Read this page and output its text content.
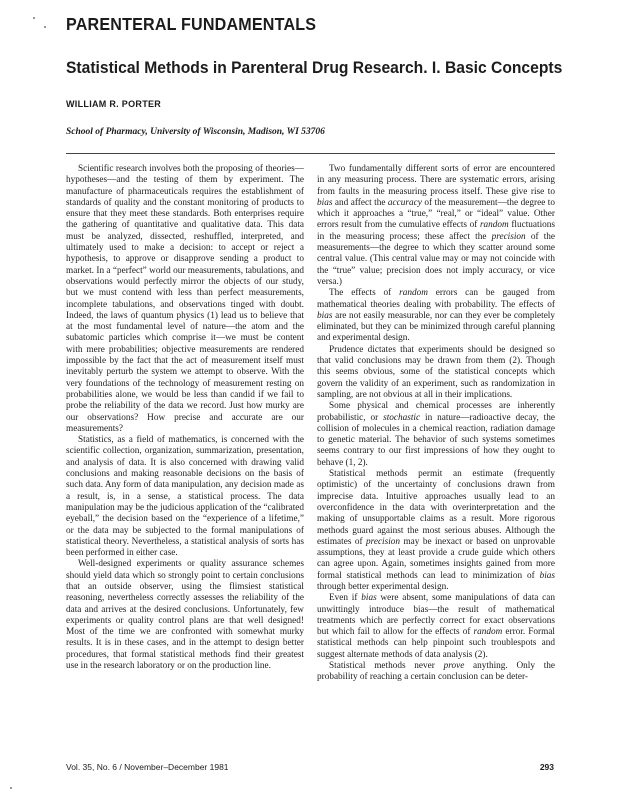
PARENTERAL FUNDAMENTALS
Statistical Methods in Parenteral Drug Research. I. Basic Concepts
WILLIAM R. PORTER
School of Pharmacy, University of Wisconsin, Madison, WI 53706

Scientific research involves both the proposing of theories—hypotheses—and the testing of them by experiment. The manufacture of pharmaceuticals requires the establishment of standards of quality and the constant monitoring of products to ensure that they meet these standards. Both enterprises require the gathering of quantitative and qualitative data. This data must be analyzed, dissected, reshuffled, interpreted, and ultimately used to make a decision: to accept or reject a hypothesis, to approve or disapprove sending a product to market. In a “perfect” world our measurements, tabulations, and observations would perfectly mirror the objects of our study, but we must contend with less than perfect measurements, incomplete tabulations, and observations tinged with doubt. Indeed, the laws of quantum physics (1) lead us to believe that at the most fundamental level of nature—the atom and the subatomic particles which comprise it—we must be content with mere probabilities; objective measurements are rendered impossible by the fact that the act of measurement itself must inevitably perturb the system we attempt to observe. With the very foundations of the technology of measurement resting on probabilities alone, we would be less than candid if we fail to probe the reliability of the data we record. Just how murky are our observations? How precise and accurate are our measurements?

Statistics, as a field of mathematics, is concerned with the scientific collection, organization, summarization, presentation, and analysis of data. It is also concerned with drawing valid conclusions and making reasonable decisions on the basis of such data. Any form of data manipulation, any decision made as a result, is, in a sense, a statistical process. The data manipulation may be the judicious application of the “calibrated eyeball,” the decision based on the “experience of a lifetime,” or the data may be subjected to the formal manipulations of statistical theory. Nevertheless, a statistical analysis of sorts has been performed in either case.

Well-designed experiments or quality assurance schemes should yield data which so strongly point to certain conclusions that an outside observer, using the flimsiest statistical reasoning, nevertheless correctly assesses the reliability of the data and arrives at the desired conclusions. Unfortunately, few experiments or quality control plans are that well designed! Most of the time we are confronted with somewhat murky results. It is in these cases, and in the attempt to design better procedures, that formal statistical methods find their greatest use in the research laboratory or on the production line.

Two fundamentally different sorts of error are encountered in any measuring process. There are systematic errors, arising from faults in the measuring process itself. These give rise to bias and affect the accuracy of the measurement—the degree to which it approaches a “true,” “real,” or “ideal” value. Other errors result from the cumulative effects of random fluctuations in the measuring process; these affect the precision of the measurements—the degree to which they scatter around some central value. (This central value may or may not coincide with the “true” value; precision does not imply accuracy, or vice versa.)

The effects of random errors can be gauged from mathematical theories dealing with probability. The effects of bias are not easily measurable, nor can they ever be completely eliminated, but they can be minimized through careful planning and experimental design.

Prudence dictates that experiments should be designed so that valid conclusions may be drawn from them (2). Though this seems obvious, some of the statistical concepts which govern the validity of an experiment, such as randomization in sampling, are not obvious at all in their implications.

Some physical and chemical processes are inherently probabilistic, or stochastic in nature—radioactive decay, the collision of molecules in a chemical reaction, radiation damage to genetic material. The behavior of such systems sometimes seems contrary to our first impressions of how they ought to behave (1, 2).

Statistical methods permit an estimate (frequently optimistic) of the uncertainty of conclusions drawn from imprecise data. Intuitive approaches usually lead to an overconfidence in the data with overinterpretation and the making of unsupportable claims as a result. More rigorous methods guard against the most serious abuses. Although the estimates of precision may be inexact or based on unprovable assumptions, they at least provide a crude guide which others can agree upon. Again, sometimes insights gained from more formal statistical methods can lead to minimization of bias through better experimental design.

Even if bias were absent, some manipulations of data can unwittingly introduce bias—the result of mathematical treatments which are perfectly correct for exact observations but which fail to allow for the effects of random error. Formal statistical methods can help pinpoint such troublespots and suggest alternate methods of data analysis (2).

Statistical methods never prove anything. Only the probability of reaching a certain conclusion can be deter-

Vol. 35, No. 6 / November–December 1981	293
